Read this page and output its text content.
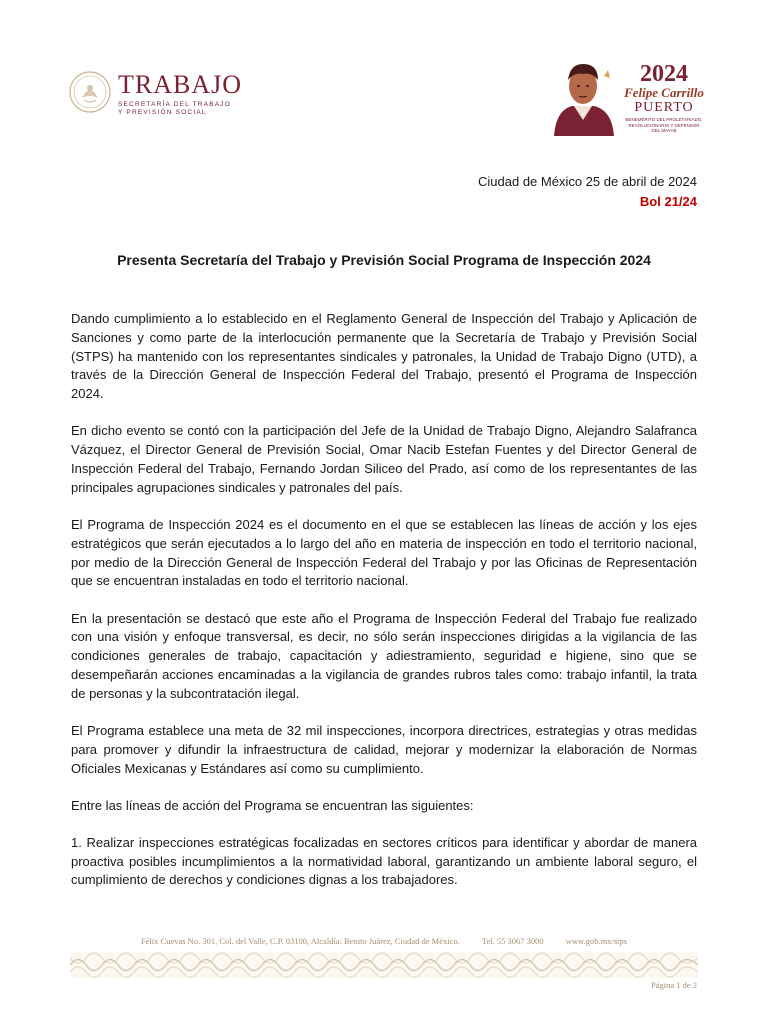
TRABAJO
SECRETARÍA DEL TRABAJO
Y PREVISIÓN SOCIAL
2024
Felipe Carrillo
PUERTO
BENEMÉRITO DEL PROLETARIADO,
REVOLUCIONARIO Y DEFENSOR
DEL MAYAB
Ciudad de México 25 de abril de 2024
Bol 21/24
Presenta Secretaría del Trabajo y Previsión Social Programa de Inspección 2024

Dando cumplimiento a lo establecido en el Reglamento General de Inspección del Trabajo y Aplicación de Sanciones y como parte de la interlocución permanente que la Secretaría de Trabajo y Previsión Social (STPS) ha mantenido con los representantes sindicales y patronales, la Unidad de Trabajo Digno (UTD), a través de la Dirección General de Inspección Federal del Trabajo, presentó el Programa de Inspección 2024.

En dicho evento se contó con la participación del Jefe de la Unidad de Trabajo Digno, Alejandro Salafranca Vázquez, el Director General de Previsión Social, Omar Nacib Estefan Fuentes y del Director General de Inspección Federal del Trabajo, Fernando Jordan Siliceo del Prado, así como de los representantes de las principales agrupaciones sindicales y patronales del país.

El Programa de Inspección 2024 es el documento en el que se establecen las líneas de acción y los ejes estratégicos que serán ejecutados a lo largo del año en materia de inspección en todo el territorio nacional, por medio de la Dirección General de Inspección Federal del Trabajo y por las Oficinas de Representación que se encuentran instaladas en todo el territorio nacional.

En la presentación se destacó que este año el Programa de Inspección Federal del Trabajo fue realizado con una visión y enfoque transversal, es decir, no sólo serán inspecciones dirigidas a la vigilancia de las condiciones generales de trabajo, capacitación y adiestramiento, seguridad e higiene, sino que se desempeñarán acciones encaminadas a la vigilancia de grandes rubros tales como: trabajo infantil, la trata de personas y la subcontratación ilegal.

El Programa establece una meta de 32 mil inspecciones, incorpora directrices, estrategias y otras medidas para promover y difundir la infraestructura de calidad, mejorar y modernizar la elaboración de Normas Oficiales Mexicanas y Estándares así como su cumplimiento.

Entre las líneas de acción del Programa se encuentran las siguientes:

1. Realizar inspecciones estratégicas focalizadas en sectores críticos para identificar y abordar de manera proactiva posibles incumplimientos a la normatividad laboral, garantizando un ambiente laboral seguro, el cumplimiento de derechos y condiciones dignas a los trabajadores.

Félix Cuevas No. 301, Col. del Valle, C.P. 03100, Alcaldía: Benito Juárez, Ciudad de México.	Tel. 55 3067 3000	www.gob.mx/stps
Página 1 de 2
